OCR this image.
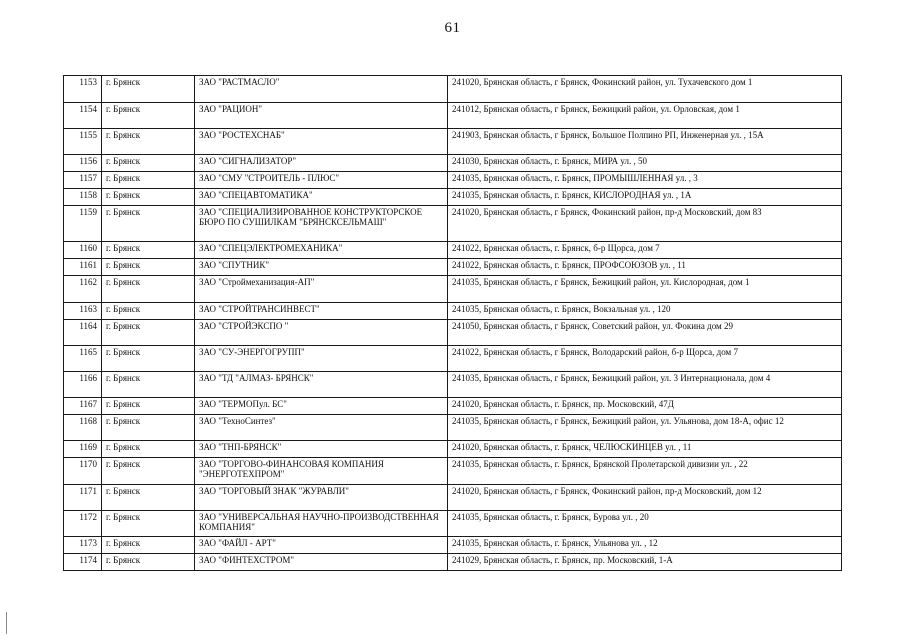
61
1153	г. Брянск	ЗАО "РАСТМАСЛО"	241020, Брянская область, г Брянск, Фокинский район, ул. Тухачевского дом 1
1154	г. Брянск	ЗАО "РАЦИОН"	241012, Брянская область, г Брянск, Бежицкий район, ул. Орловская, дом 1
1155	г. Брянск	ЗАО "РОСТЕХСНАБ"	241903, Брянская область, г Брянск, Большое Полпино РП, Инженерная ул. , 15А
1156	г. Брянск	ЗАО "СИГНАЛИЗАТОР"	241030, Брянская область, г. Брянск, МИРА ул. , 50
1157	г. Брянск	ЗАО "СМУ "СТРОИТЕЛЬ - ПЛЮС"	241035, Брянская область, г. Брянск, ПРОМЫШЛЕННАЯ ул. , 3
1158	г. Брянск	ЗАО "СПЕЦАВТОМАТИКА"	241035, Брянская область, г. Брянск, КИСЛОРОДНАЯ ул. , 1А
1159	г. Брянск	ЗАО "СПЕЦИАЛИЗИРОВАННОЕ КОНСТРУКТОРСКОЕ БЮРО ПО СУШИЛКАМ "БРЯНСКСЕЛЬМАШ"	241020, Брянская область, г Брянск, Фокинский район, пр-д Московский, дом 83
1160	г. Брянск	ЗАО "СПЕЦЭЛЕКТРОМЕХАНИКА"	241022, Брянская область, г. Брянск, б-р Щорса, дом 7
1161	г. Брянск	ЗАО "СПУТНИК"	241022, Брянская область, г. Брянск, ПРОФСОЮЗОВ ул. , 11
1162	г. Брянск	ЗАО "Строймеханизация-АП"	241035, Брянская область, г Брянск, Бежицкий район, ул. Кислородная, дом 1
1163	г. Брянск	ЗАО "СТРОЙТРАНСИНВЕСТ"	241035, Брянская область, г. Брянск, Вокзальная ул. , 120
1164	г. Брянск	ЗАО "СТРОЙЭКСПО "	241050, Брянская область, г Брянск, Советский район, ул. Фокина дом 29
1165	г. Брянск	ЗАО "СУ-ЭНЕРГОГРУПП"	241022, Брянская область, г Брянск, Володарский район, б-р Щорса, дом 7
1166	г. Брянск	ЗАО "ТД "АЛМАЗ- БРЯНСК"	241035, Брянская область, г Брянск, Бежицкий район, ул. 3 Интернационала, дом 4
1167	г. Брянск	ЗАО "ТЕРМОПул. БС"	241020, Брянская область, г. Брянск, пр. Московский, 47Д
1168	г. Брянск	ЗАО "ТехноСинтез"	241035, Брянская область, г Брянск, Бежицкий район, ул. Ульянова, дом 18-А, офис 12
1169	г. Брянск	ЗАО "ТНП-БРЯНСК"	241020, Брянская область, г. Брянск, ЧЕЛЮСКИНЦЕВ ул. , 11
1170	г. Брянск	ЗАО "ТОРГОВО-ФИНАНСОВАЯ КОМПАНИЯ "ЭНЕРГОТЕХПРОМ"	241035, Брянская область, г. Брянск, Брянской Пролетарской дивизии ул. , 22
1171	г. Брянск	ЗАО "ТОРГОВЫЙ ЗНАК "ЖУРАВЛИ"	241020, Брянская область, г Брянск, Фокинский район, пр-д Московский, дом 12
1172	г. Брянск	ЗАО "УНИВЕРСАЛЬНАЯ НАУЧНО-ПРОИЗВОДСТВЕННАЯ КОМПАНИЯ"	241035, Брянская область, г. Брянск, Бурова ул. , 20
1173	г. Брянск	ЗАО "ФАЙЛ - АРТ"	241035, Брянская область, г. Брянск, Ульянова ул. , 12
1174	г. Брянск	ЗАО "ФИНТЕХСТРОМ"	241029, Брянская область, г. Брянск, пр. Московский, 1-А
